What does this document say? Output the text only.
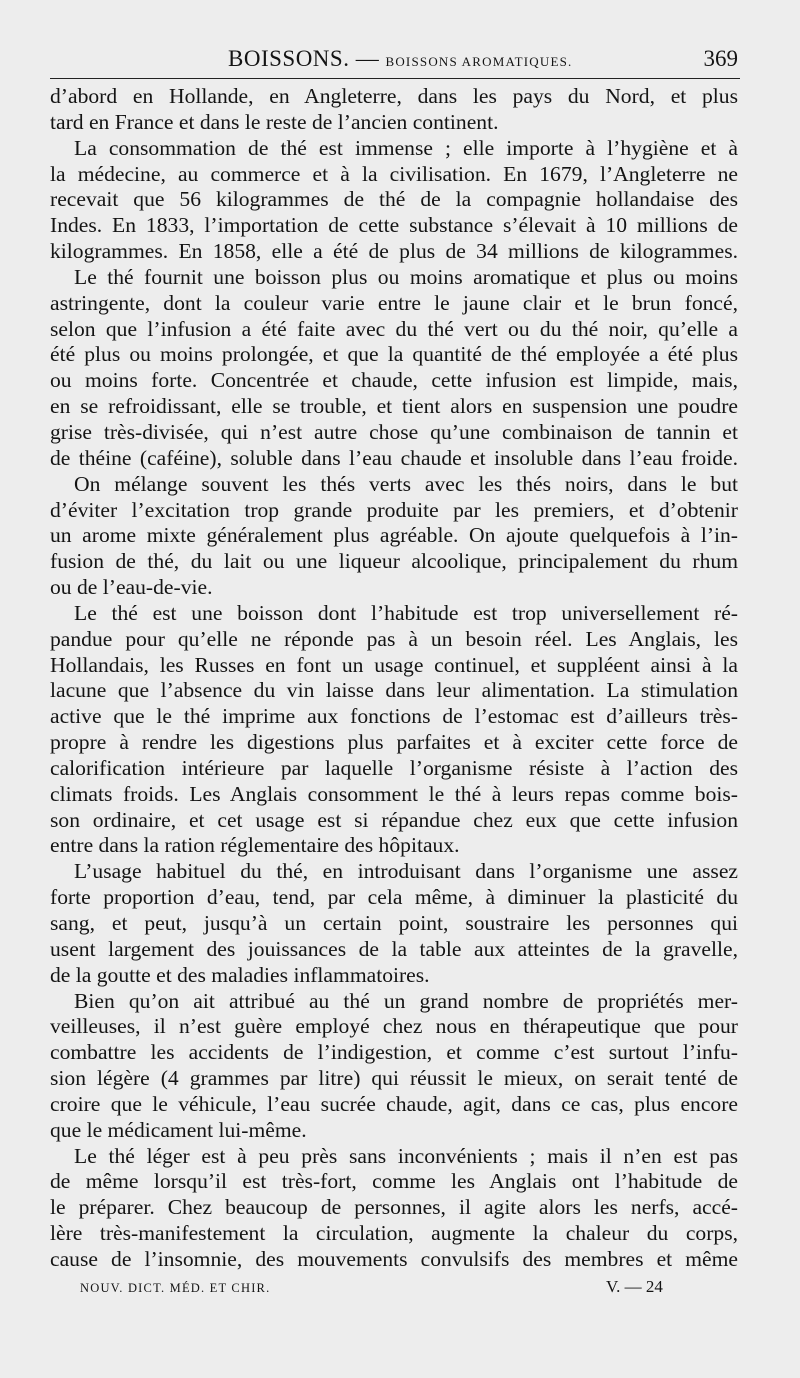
BOISSONS. — BOISSONS AROMATIQUES.	369
d’abord en Hollande, en Angleterre, dans les pays du Nord, et plus
tard en France et dans le reste de l’ancien continent.
La consommation de thé est immense ; elle importe à l’hygiène et à
la médecine, au commerce et à la civilisation. En 1679, l’Angleterre ne
recevait que 56 kilogrammes de thé de la compagnie hollandaise des
Indes. En 1833, l’importation de cette substance s’élevait à 10 millions de
kilogrammes. En 1858, elle a été de plus de 34 millions de kilogrammes.
Le thé fournit une boisson plus ou moins aromatique et plus ou moins
astringente, dont la couleur varie entre le jaune clair et le brun foncé,
selon que l’infusion a été faite avec du thé vert ou du thé noir, qu’elle a
été plus ou moins prolongée, et que la quantité de thé employée a été plus
ou moins forte. Concentrée et chaude, cette infusion est limpide, mais,
en se refroidissant, elle se trouble, et tient alors en suspension une poudre
grise très-divisée, qui n’est autre chose qu’une combinaison de tannin et
de théine (caféine), soluble dans l’eau chaude et insoluble dans l’eau froide.
On mélange souvent les thés verts avec les thés noirs, dans le but
d’éviter l’excitation trop grande produite par les premiers, et d’obtenir
un arome mixte généralement plus agréable. On ajoute quelquefois à l’in-
fusion de thé, du lait ou une liqueur alcoolique, principalement du rhum
ou de l’eau-de-vie.
Le thé est une boisson dont l’habitude est trop universellement ré-
pandue pour qu’elle ne réponde pas à un besoin réel. Les Anglais, les
Hollandais, les Russes en font un usage continuel, et suppléent ainsi à la
lacune que l’absence du vin laisse dans leur alimentation. La stimulation
active que le thé imprime aux fonctions de l’estomac est d’ailleurs très-
propre à rendre les digestions plus parfaites et à exciter cette force de
calorification intérieure par laquelle l’organisme résiste à l’action des
climats froids. Les Anglais consomment le thé à leurs repas comme bois-
son ordinaire, et cet usage est si répandue chez eux que cette infusion
entre dans la ration réglementaire des hôpitaux.
L’usage habituel du thé, en introduisant dans l’organisme une assez
forte proportion d’eau, tend, par cela même, à diminuer la plasticité du
sang, et peut, jusqu’à un certain point, soustraire les personnes qui
usent largement des jouissances de la table aux atteintes de la gravelle,
de la goutte et des maladies inflammatoires.
Bien qu’on ait attribué au thé un grand nombre de propriétés mer-
veilleuses, il n’est guère employé chez nous en thérapeutique que pour
combattre les accidents de l’indigestion, et comme c’est surtout l’infu-
sion légère (4 grammes par litre) qui réussit le mieux, on serait tenté de
croire que le véhicule, l’eau sucrée chaude, agit, dans ce cas, plus encore
que le médicament lui-même.
Le thé léger est à peu près sans inconvénients ; mais il n’en est pas
de même lorsqu’il est très-fort, comme les Anglais ont l’habitude de
le préparer. Chez beaucoup de personnes, il agite alors les nerfs, accé-
lère très-manifestement la circulation, augmente la chaleur du corps,
cause de l’insomnie, des mouvements convulsifs des membres et même
NOUV. DICT. MÉD. ET CHIR.	V. — 24
